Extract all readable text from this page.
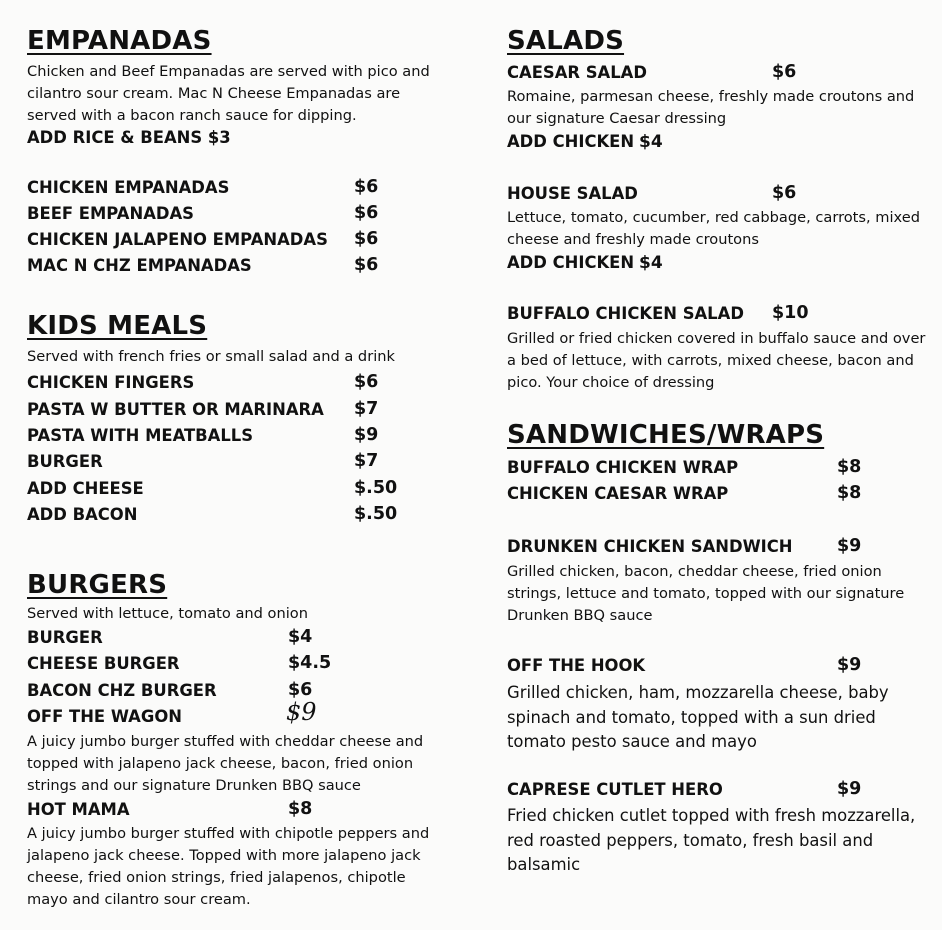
EMPANADAS
Chicken and Beef Empanadas are served with pico and cilantro sour cream. Mac N Cheese Empanadas are served with a bacon ranch sauce for dipping.
ADD RICE & BEANS $3
CHICKEN EMPANADAS	$6
BEEF EMPANADAS	$6
CHICKEN JALAPENO EMPANADAS $6
MAC N CHZ EMPANADAS	$6
KIDS MEALS
Served with french fries or small salad and a drink
CHICKEN FINGERS	$6
PASTA W BUTTER OR MARINARA $7
PASTA WITH MEATBALLS	$9
BURGER	$7
ADD CHEESE	$.50
ADD BACON	$.50
BURGERS
Served with lettuce, tomato and onion
BURGER	$4
CHEESE BURGER	$4.5
BACON CHZ BURGER	$6
OFF THE WAGON	$9
A juicy jumbo burger stuffed with cheddar cheese and topped with jalapeno jack cheese, bacon, fried onion strings and our signature Drunken BBQ sauce
HOT MAMA	$8
A juicy jumbo burger stuffed with chipotle peppers and jalapeno jack cheese. Topped with more jalapeno jack cheese, fried onion strings, fried jalapenos, chipotle mayo and cilantro sour cream.
SALADS
CAESAR SALAD	$6
Romaine, parmesan cheese, freshly made croutons and our signature Caesar dressing
ADD CHICKEN $4
HOUSE SALAD	$6
Lettuce, tomato, cucumber, red cabbage, carrots, mixed cheese and freshly made croutons
ADD CHICKEN $4
BUFFALO CHICKEN SALAD $10
Grilled or fried chicken covered in buffalo sauce and over a bed of lettuce, with carrots, mixed cheese, bacon and pico. Your choice of dressing
SANDWICHES/WRAPS
BUFFALO CHICKEN WRAP	$8
CHICKEN CAESAR WRAP	$8
DRUNKEN CHICKEN SANDWICH	$9
Grilled chicken, bacon, cheddar cheese, fried onion strings, lettuce and tomato, topped with our signature Drunken BBQ sauce
OFF THE HOOK	$9
Grilled chicken, ham, mozzarella cheese, baby spinach and tomato, topped with a sun dried tomato pesto sauce and mayo
CAPRESE CUTLET HERO	$9
Fried chicken cutlet topped with fresh mozzarella, red roasted peppers, tomato, fresh basil and balsamic
